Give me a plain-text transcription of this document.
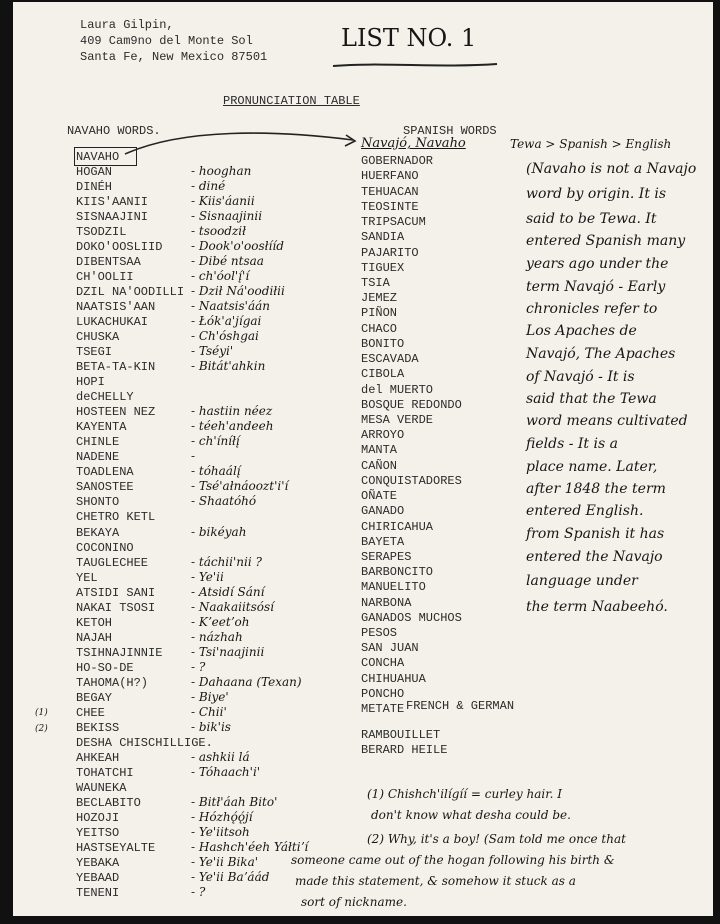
Laura Gilpin,
409 Cam9no del Monte Sol
Santa Fe, New Mexico 87501
LIST NO. 1
PRONUNCIATION TABLE
NAVAHO WORDS.	SPANISH WORDS
NAVAHO
HOGAN	- hooghan
DINÉH	- diné
KIIS'AANII	- Kiis'áanii
SISNAAJINI	- Sisnaajinii
TSODZIL	- tsoodził
DOKO'OOSLIID - Dook'o'oosłííd
DIBENTSAA	- Dibé ntsaa
CH'OOLII	- ch'óol'į́'í
DZIL NA'OODILLI - Dził Ná'oodiłii
NAATSIS'AAN	- Naatsis'áán
LUKACHUKAI	- Łók'a'jígai
CHUSKA	- Ch'óshgai
TSEGI	- Tséyi'
BETA-TA-KIN	- Bitát'ahkin
HOPI
deCHELLY
HOSTEEN NEZ	- hastiin néez
KAYENTA	- téeh'andeeh
CHINLE	- ch'íníłį́
NADENE	-
TOADLENA	- tóhaálį́
SANOSTEE	- Tsé'ałnáoozt'i'í
SHONTO	- Shaatóhó
CHETRO KETL
BEKAYA	- bikéyah
COCONINO
TAUGLECHEE	- táchii'nii ?
YEL	- Ye'ii
ATSIDI SANI	- Atsidí Sání
NAKAI TSOSI	- Naakaiitsósí
KETOH	- Kʼeetʼoh
NAJAH	- názhah
TSIHNAJINNIE - Tsi'naajinii
HO-SO-DE	- ?
TAHOMA(H?)	- Dahaana (Texan)
BEGAY	- Biye'
CHEE	- Chii'
BEKISS	- bik'is
DESHA CHISCHILLIGE.
AHKEAH	- ashkii lá
TOHATCHI	- Tóhaach'i'
WAUNEKA
BECLABITO	- Bitł'áah Bito'
HOZOJI	- Hózhǫ́ǫ́jí
YEITSO	- Ye'iitsoh
HASTSEYALTE	- Hashch'éeh Yáłtiʼí
YEBAKA	- Ye'ii Bika'
YEBAAD	- Ye'ii Baʼáád
TENENI	- ?
Navajó, Navaho
GOBERNADOR
HUERFANO
TEHUACAN
TEOSINTE
TRIPSACUM
SANDIA
PAJARITO
TIGUEX
TSIA
JEMEZ
PIÑON
CHACO
BONITO
ESCAVADA
CIBOLA
del MUERTO
BOSQUE REDONDO
MESA VERDE
ARROYO
MANTA
CAÑON
CONQUISTADORES
OÑATE
GANADO
CHIRICAHUA
BAYETA
SERAPES
BARBONCITO
MANUELITO
NARBONA
GANADOS MUCHOS
PESOS
SAN JUAN
CONCHA
CHIHUAHUA
PONCHO
METATE FRENCH & GERMAN
RAMBOUILLET
BERARD HEILE
Tewa > Spanish > English
(Navaho is not a Navajo
word by origin. It is
said to be Tewa. It
entered Spanish many
years ago under the
term Navajó - Early
chronicles refer to
Los Apaches de
Navajó, The Apaches
of Navajó - It is
said that the Tewa
word means cultivated
fields - It is a
place name. Later,
after 1848 the term
entered English.
from Spanish it has
entered the Navajo
language under
the term Naabeehó.
(1)
(2)
(1) Chishch'ilígíí = curley hair. I
don't know what desha could be.
(2) Why, it's a boy! (Sam told me once that
someone came out of the hogan following his birth &
made this statement, & somehow it stuck as a
sort of nickname.
